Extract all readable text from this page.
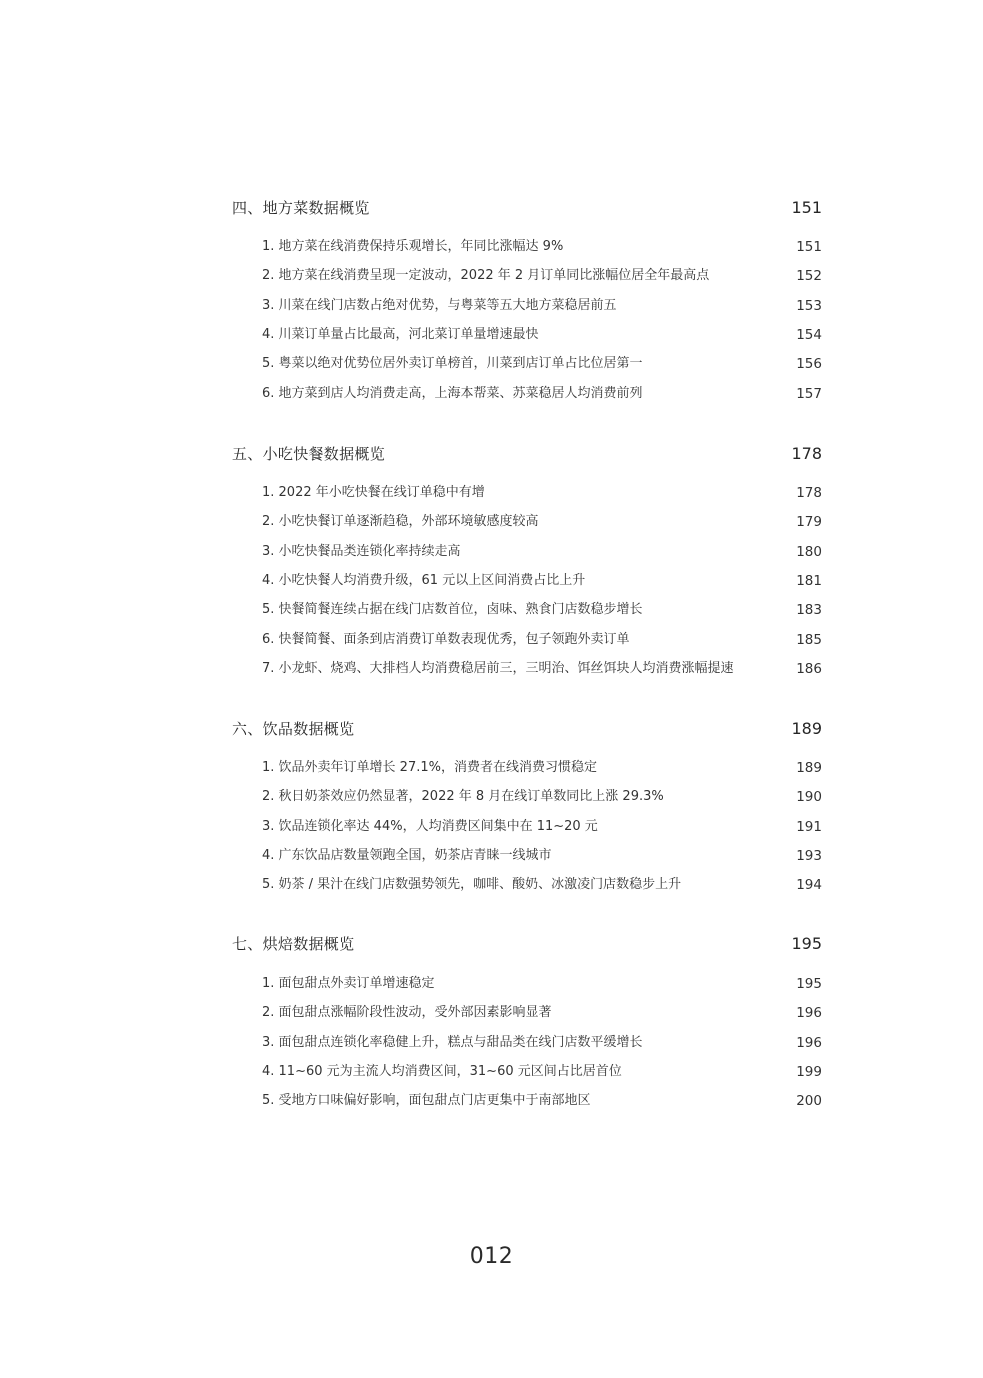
四、地方菜数据概览	151
1. 地方菜在线消费保持乐观增长，年同比涨幅达 9%	151
2. 地方菜在线消费呈现一定波动，2022 年 2 月订单同比涨幅位居全年最高点	152
3. 川菜在线门店数占绝对优势，与粤菜等五大地方菜稳居前五	153
4. 川菜订单量占比最高，河北菜订单量增速最快	154
5. 粤菜以绝对优势位居外卖订单榜首，川菜到店订单占比位居第一	156
6. 地方菜到店人均消费走高，上海本帮菜、苏菜稳居人均消费前列	157
五、小吃快餐数据概览	178
1. 2022 年小吃快餐在线订单稳中有增	178
2. 小吃快餐订单逐渐趋稳，外部环境敏感度较高	179
3. 小吃快餐品类连锁化率持续走高	180
4. 小吃快餐人均消费升级，61 元以上区间消费占比上升	181
5. 快餐简餐连续占据在线门店数首位，卤味、熟食门店数稳步增长	183
6. 快餐简餐、面条到店消费订单数表现优秀，包子领跑外卖订单	185
7. 小龙虾、烧鸡、大排档人均消费稳居前三，三明治、饵丝饵块人均消费涨幅提速	186
六、饮品数据概览	189
1. 饮品外卖年订单增长 27.1%，消费者在线消费习惯稳定	189
2. 秋日奶茶效应仍然显著，2022 年 8 月在线订单数同比上涨 29.3%	190
3. 饮品连锁化率达 44%，人均消费区间集中在 11~20 元	191
4. 广东饮品店数量领跑全国，奶茶店青睐一线城市	193
5. 奶茶 / 果汁在线门店数强势领先，咖啡、酸奶、冰激凌门店数稳步上升	194
七、烘焙数据概览	195
1. 面包甜点外卖订单增速稳定	195
2. 面包甜点涨幅阶段性波动，受外部因素影响显著	196
3. 面包甜点连锁化率稳健上升，糕点与甜品类在线门店数平缓增长	196
4. 11~60 元为主流人均消费区间，31~60 元区间占比居首位	199
5. 受地方口味偏好影响，面包甜点门店更集中于南部地区	200
012
